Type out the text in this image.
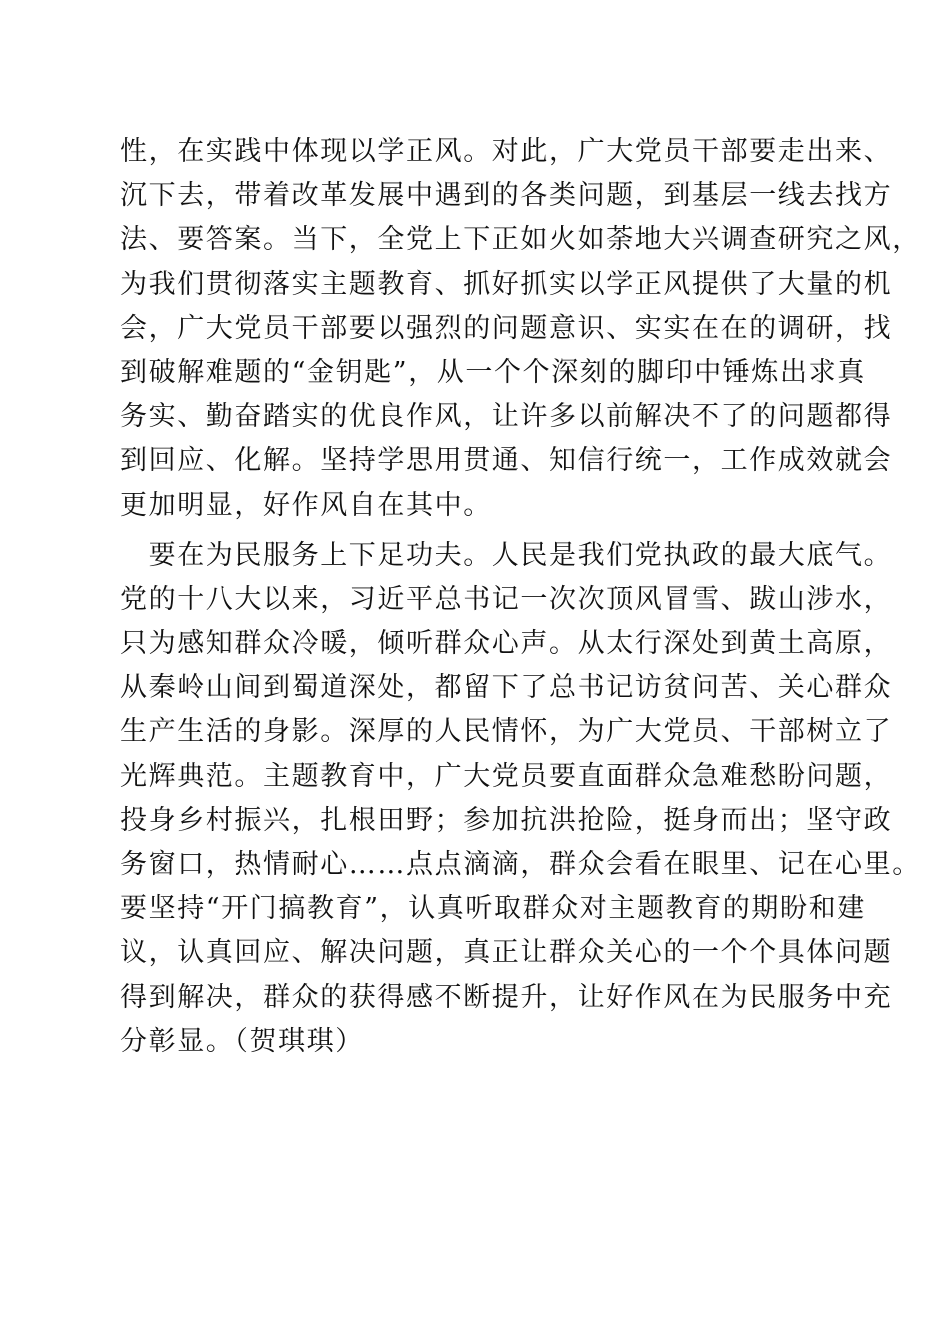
性，在实践中体现以学正风。对此，广大党员干部要走出来、
沉下去，带着改革发展中遇到的各类问题，到基层一线去找方
法、要答案。当下，全党上下正如火如荼地大兴调查研究之风，
为我们贯彻落实主题教育、抓好抓实以学正风提供了大量的机
会，广大党员干部要以强烈的问题意识、实实在在的调研，找
到破解难题的“金钥匙”，从一个个深刻的脚印中锤炼出求真
务实、勤奋踏实的优良作风，让许多以前解决不了的问题都得
到回应、化解。坚持学思用贯通、知信行统一，工作成效就会
更加明显，好作风自在其中。
　要在为民服务上下足功夫。人民是我们党执政的最大底气。
党的十八大以来，习近平总书记一次次顶风冒雪、跋山涉水，
只为感知群众冷暖，倾听群众心声。从太行深处到黄土高原，
从秦岭山间到蜀道深处，都留下了总书记访贫问苦、关心群众
生产生活的身影。深厚的人民情怀，为广大党员、干部树立了
光辉典范。主题教育中，广大党员要直面群众急难愁盼问题，
投身乡村振兴，扎根田野；参加抗洪抢险，挺身而出；坚守政
务窗口，热情耐心……点点滴滴，群众会看在眼里、记在心里。
要坚持“开门搞教育”，认真听取群众对主题教育的期盼和建
议，认真回应、解决问题，真正让群众关心的一个个具体问题
得到解决，群众的获得感不断提升，让好作风在为民服务中充
分彰显。（贺琪琪）
